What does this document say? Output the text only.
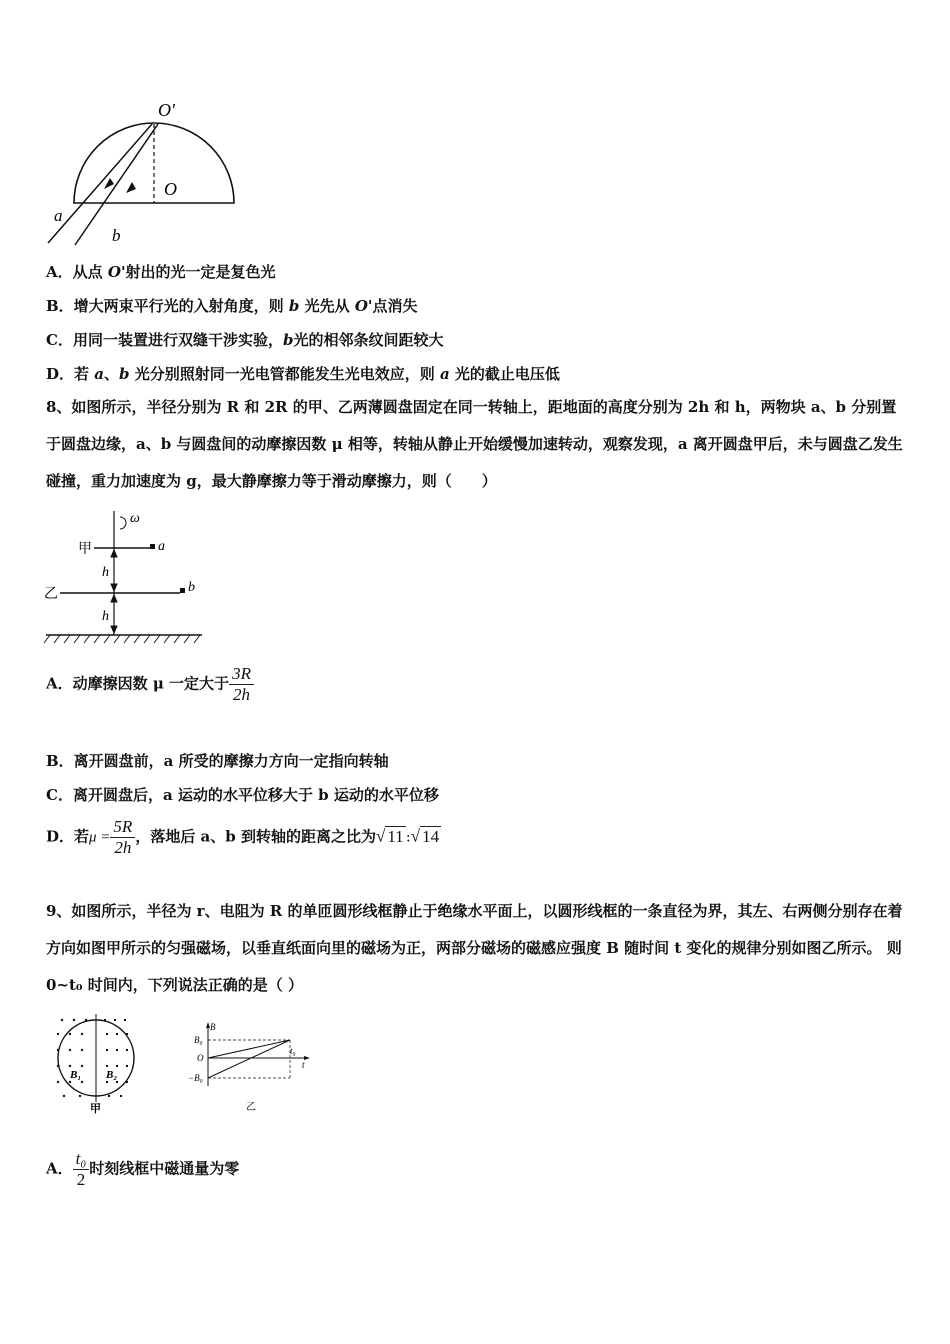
O'
O
a
b
A．从点 O'射出的光一定是复色光
B．增大两束平行光的入射角度，则 b 光先从 O'点消失
C．用同一装置进行双缝干涉实验，b光的相邻条纹间距较大
D．若 a、b 光分别照射同一光电管都能发生光电效应，则 a 光的截止电压低
8、如图所示，半径分别为 R 和 2R 的甲、乙两薄圆盘固定在同一转轴上，距地面的高度分别为 2h 和 h，两物块 a、b 分别置于圆盘边缘，a、b 与圆盘间的动摩擦因数 μ 相等，转轴从静止开始缓慢加速转动，观察发现，a 离开圆盘甲后，未与圆盘乙发生碰撞，重力加速度为 g，最大静摩擦力等于滑动摩擦力，则（　　）
ω
甲
乙
a
b
h
h
A．动摩擦因数 μ 一定大于 $\frac{3R}{2h}$
B．离开圆盘前，a 所受的摩擦力方向一定指向转轴
C．离开圆盘后，a 运动的水平位移大于 b 运动的水平位移
D．若$\mu = \frac{5R}{2h}$ ，落地后 a、b 到转轴的距离之比为√ 11 :√ 14
9、如图所示，半径为 r、电阻为 R 的单匝圆形线框静止于绝缘水平面上，以圆形线框的一条直径为界，其左、右两侧分别存在着方向如图甲所示的匀强磁场，以垂直纸面向里的磁场为正，两部分磁场的磁感应强度 B 随时间 t 变化的规律分别如图乙所示。 则 0~t₀ 时间内，下列说法正确的是（ ）
B₁ B₂
甲
B
B₀
O
t₀
t
−B₀
乙
A． $\frac{\text{t₀}}{2}$ 时刻线框中磁通量为零
